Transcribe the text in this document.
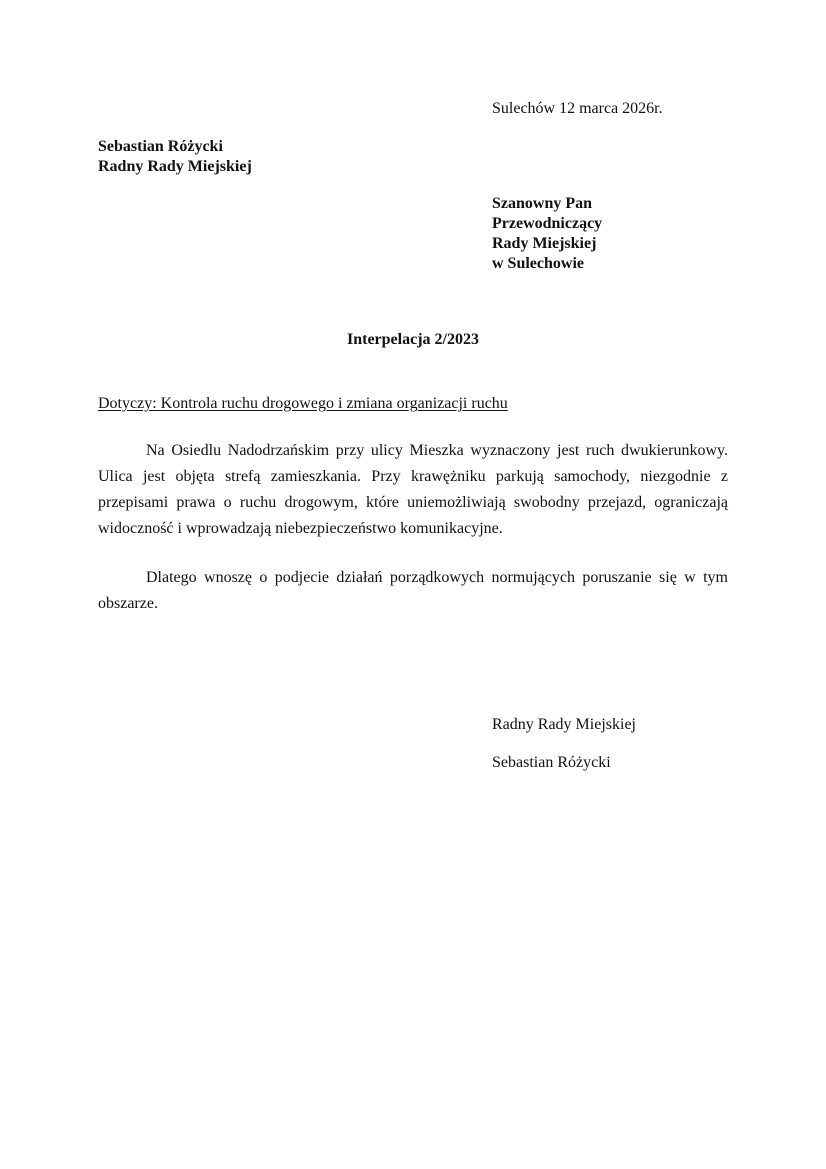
Sulechów 12 marca 2026r.
Sebastian Różycki
Radny Rady Miejskiej
Szanowny Pan
Przewodniczący
Rady Miejskiej
w Sulechowie
Interpelacja 2/2023
Dotyczy: Kontrola ruchu drogowego i zmiana organizacji ruchu

Na Osiedlu Nadodrzańskim przy ulicy Mieszka wyznaczony jest ruch dwukierunkowy. Ulica jest objęta strefą zamieszkania. Przy krawężniku parkują samochody, niezgodnie z przepisami prawa o ruchu drogowym, które uniemożliwiają swobodny przejazd, ograniczają widoczność i wprowadzają niebezpieczeństwo komunikacyjne.

Dlatego wnoszę o podjecie działań porządkowych normujących poruszanie się w tym obszarze.

Radny Rady Miejskiej
Sebastian Różycki
